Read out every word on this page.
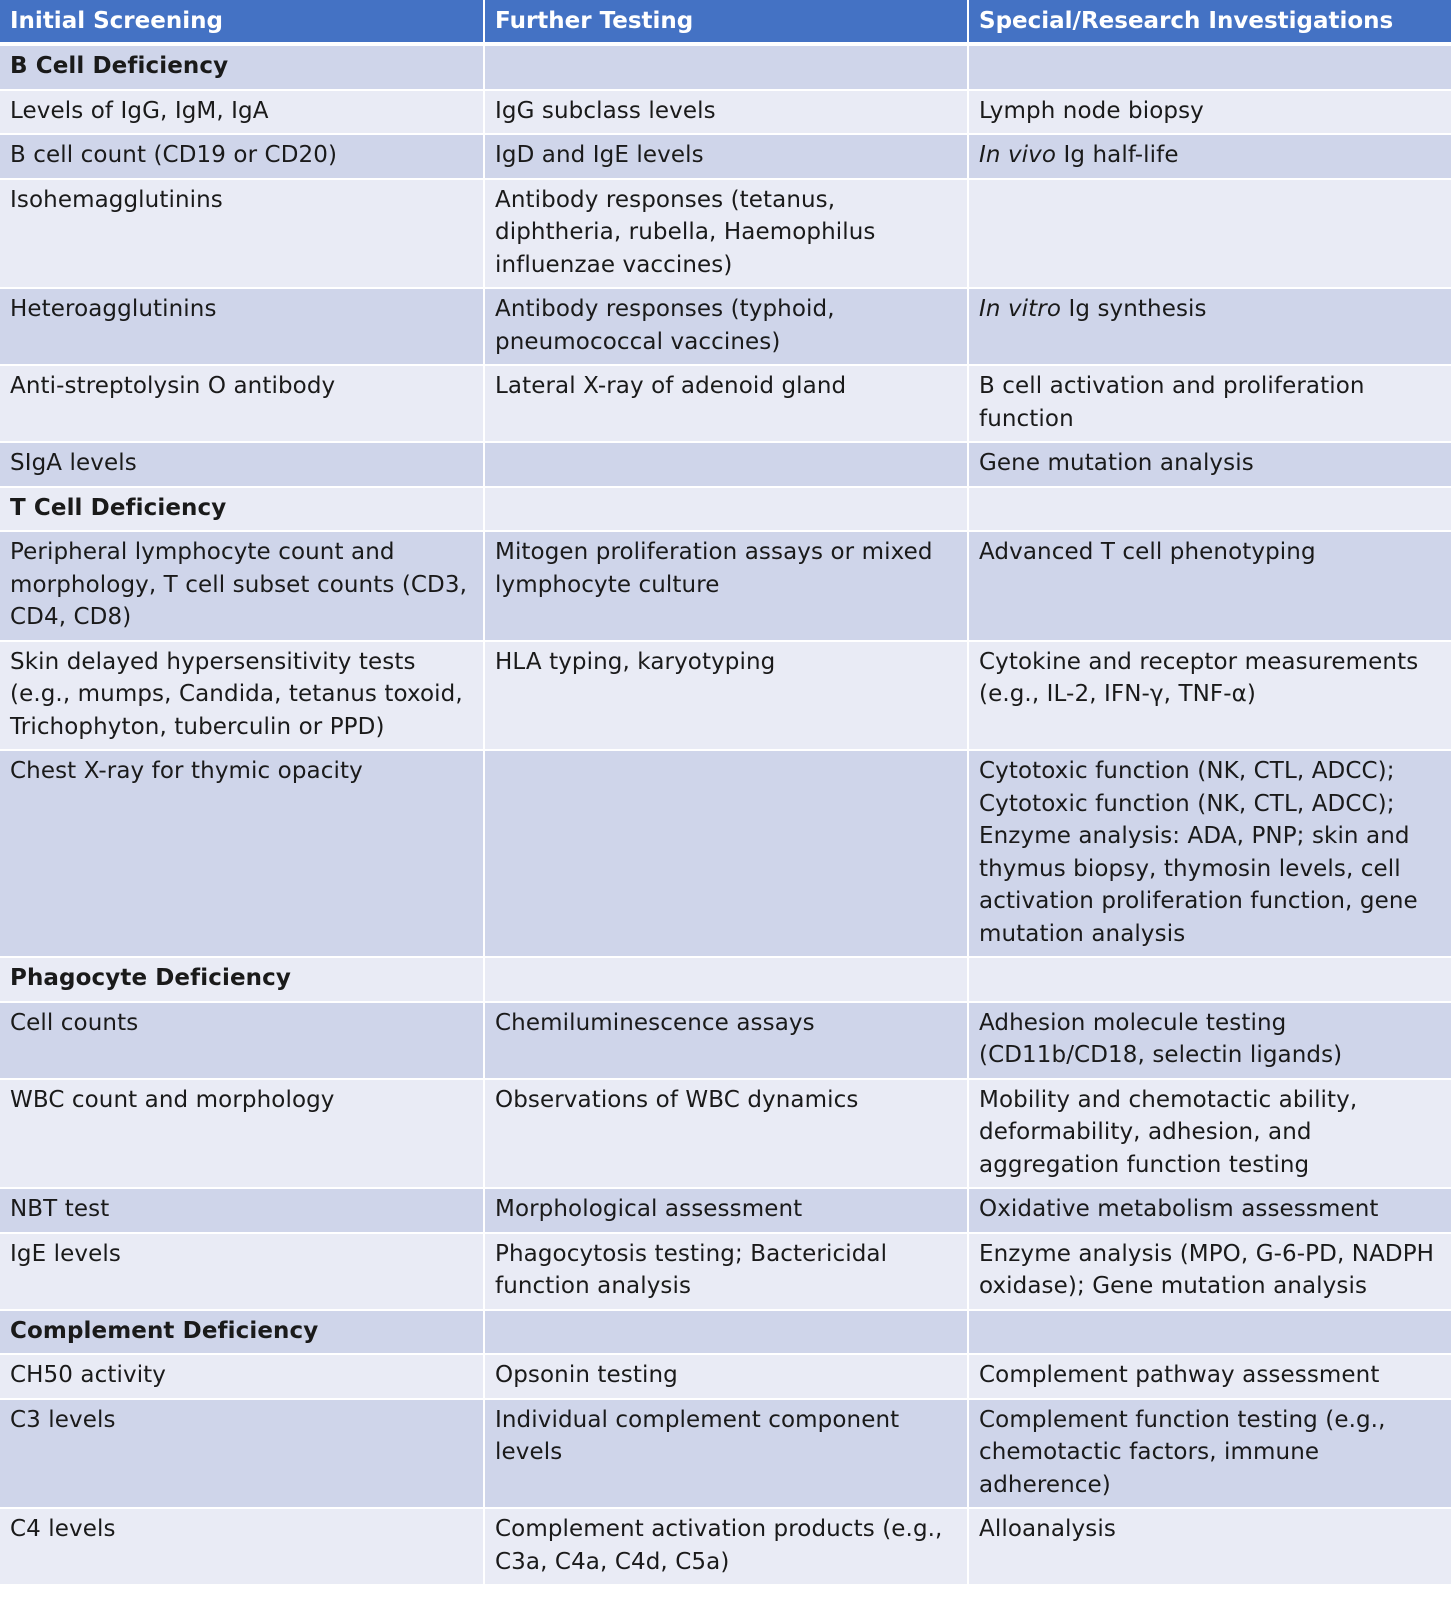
Initial Screening	Further Testing	Special/Research Investigations
B Cell Deficiency		
Levels of IgG, IgM, IgA	IgG subclass levels	Lymph node biopsy
B cell count (CD19 or CD20)	IgD and IgE levels	In vivo Ig half-life
Isohemagglutinins	Antibody responses (tetanus, diphtheria, rubella, Haemophilus influenzae vaccines)	
Heteroagglutinins	Antibody responses (typhoid, pneumococcal vaccines)	In vitro Ig synthesis
Anti-streptolysin O antibody	Lateral X-ray of adenoid gland	B cell activation and proliferation function
SIgA levels		Gene mutation analysis
T Cell Deficiency		
Peripheral lymphocyte count and morphology, T cell subset counts (CD3, CD4, CD8)	Mitogen proliferation assays or mixed lymphocyte culture	Advanced T cell phenotyping
Skin delayed hypersensitivity tests (e.g., mumps, Candida, tetanus toxoid, Trichophyton, tuberculin or PPD)	HLA typing, karyotyping	Cytokine and receptor measurements (e.g., IL-2, IFN-γ, TNF-α)
Chest X-ray for thymic opacity		Cytotoxic function (NK, CTL, ADCC); Cytotoxic function (NK, CTL, ADCC); Enzyme analysis: ADA, PNP; skin and thymus biopsy, thymosin levels, cell activation proliferation function, gene mutation analysis
Phagocyte Deficiency		
Cell counts	Chemiluminescence assays	Adhesion molecule testing (CD11b/CD18, selectin ligands)
WBC count and morphology	Observations of WBC dynamics	Mobility and chemotactic ability, deformability, adhesion, and aggregation function testing
NBT test	Morphological assessment	Oxidative metabolism assessment
IgE levels	Phagocytosis testing; Bactericidal function analysis	Enzyme analysis (MPO, G-6-PD, NADPH oxidase); Gene mutation analysis
Complement Deficiency		
CH50 activity	Opsonin testing	Complement pathway assessment
C3 levels	Individual complement component levels	Complement function testing (e.g., chemotactic factors, immune adherence)
C4 levels	Complement activation products (e.g., C3a, C4a, C4d, C5a)	Alloanalysis
